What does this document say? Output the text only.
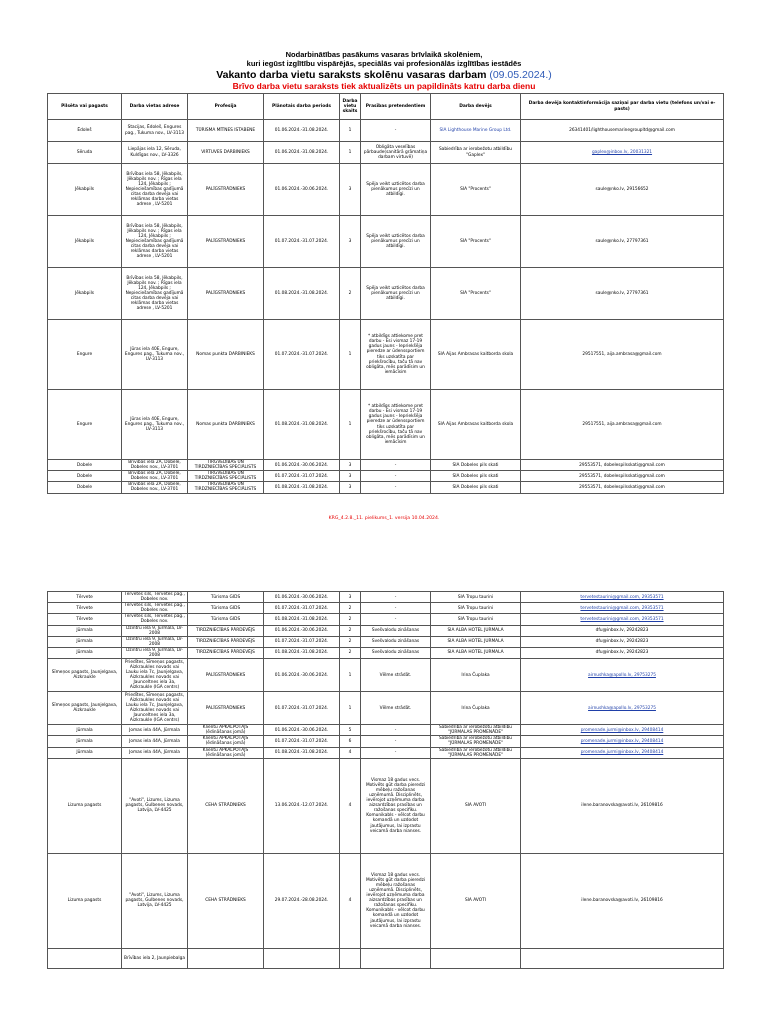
Nodarbinātības pasākums vasaras brīvlaikā skolēniem,
kuri iegūst izglītību vispārējās, speciālās vai profesionālās izglītības iestādēs
Vakanto darba vietu saraksts skolēnu vasaras darbam (09.05.2024.)
Brīvo darba vietu saraksts tiek aktualizēts un papildināts katru darba dienu
Pilsēta vai pagasts	Darba vietas adrese	Profesija	Plānotais darba periods	Darba vietu skaits	Prasības pretendentiem	Darba devējs	Darba devēja kontaktinformācija saziņai par darba vietu (telefons un/vai e-pasts)
Ēdoleš	Stacijas, Ēdoleš, Engures pag., Tukuma nov., LV-3113	TŪRISMA MĪTNES ISTABENE	01.06.2024.-31.08.2024.	1	-	SIA Lighthouse Marine Group Ltd.	26341401/lighthousemarinegroupltd@gmail.com
Sēruda	Liepājas iela 12, Sēruda, Kuldīgas nov., LV-3326	VIRTUVES DARBINIEKS	01.06.2024.-31.08.2024.	1	Obligāta veselības pārbaude(sanitārā grāmatiņa darbam virtuvē)	Sabiedrība ar ierobežotu atbildību "Gaplex"	gaplex@inbox.lv, 20031321
Jēkabpils	Brīvības iela 58, Jēkabpils, Jēkabpils nov. ; Rīgas iela 124, Jēkabpils ; Nepieciešamības gadījumā citas darba devēja vai reklāmas darba vietas adrese , LV-5201	PALĪGSTRĀDNIEKS	01.06.2024.-30.06.2024.	3	Spēja veikt uzticētos darba pienākumus precīzi un atbildīgi.	SIA "Procents"	saule@nko.lv, 29156652
Jēkabpils	Brīvības iela 58, Jēkabpils, Jēkabpils nov. ; Rīgas iela 124, Jēkabpils ; Nepieciešamības gadījumā citas darba devēja vai reklāmas darba vietas adrese , LV-5201	PALĪGSTRĀDNIEKS	01.07.2024.-31.07.2024.	3	Spēja veikt uzticētos darba pienākumus precīzi un atbildīgi.	SIA "Procents"	saule@nko.lv, 27797361
Jēkabpils	Brīvības iela 58, Jēkabpils, Jēkabpils nov. ; Rīgas iela 124, Jēkabpils ; Nepieciešamības gadījumā citas darba devēja vai reklāmas darba vietas adrese , LV-5201	PALĪGSTRĀDNIEKS	01.08.2024.-31.08.2024.	2	Spēja veikt uzticētos darba pienākumus precīzi un atbildīgi.	SIA "Procents"	saule@nko.lv, 27797361
Engure	Jūras iela 40E, Engure, Engures pag., Tukuma nov., LV-3113	Nomas punkta DARBINIEKS	01.07.2024.-31.07.2024.	1	* atbildīgs attiekome pret darbu - Esi vismaz 17-19 gadus jauns - Iepriekšēja pieredze ar ūdenssportiem tiks uzskatīta par priekšrocību, taču tā nav obligāta, mēs parādīsim un iemācīsim	SIA Aijas Ambrasas kaitborda skola	29517551, aija.ambrasa@gmail.com
Engure	Jūras iela 40E, Engure, Engures pag., Tukuma nov., LV-3113	Nomas punkta DARBINIEKS	01.08.2024.-31.08.2024.	1	* atbildīgs attiekome pret darbu - Esi vismaz 17-19 gadus jauns - Iepriekšēja pieredze ar ūdenssportiem tiks uzskatīta par priekšrocību, taču tā nav obligāta, mēs parādīsim un iemācīsim	SIA Aijas Ambrasas kaitborda skola	29517551, aija.ambrasa@gmail.com
Dobele	Brīvības iela 2A, Dobele, Dobeles nov., LV-3701	TIRGVEDĪBAS UN TIRDZNIECĪBAS SPECIĀLISTS	01.06.2024.-30.06.2024.	3	-	SIA Dobeles pils skati	29553571, dobelespilsskati@gmail.com
Dobele	Brīvības iela 2A, Dobele, Dobeles nov., LV-3701	TIRGVEDĪBAS UN TIRDZNIECĪBAS SPECIĀLISTS	01.07.2024.-31.07.2024.	3	-	SIA Dobeles pils skati	29553571, dobelespilsskati@gmail.com
Dobele	Brīvības iela 2A, Dobele, Dobeles nov., LV-3701	TIRGVEDĪBAS UN TIRDZNIECĪBAS SPECIĀLISTS	01.08.2024.-31.08.2024.	3	-	SIA Dobeles pils skati	29553571, dobelespilsskati@gmail.com
KRG_4.2.8._11. pielikums_1. versija 10.04.2024.
Tērvete	Tērvetes sils, Tērvetes pag., Dobeles nov.	Tūrisma GIDS	01.06.2024.-30.06.2024.	3	-	SIA Tropu taurini	tervetestaurini@gmail.com, 29353571
Tērvete	Tērvetes sils, Tērvetes pag., Dobeles nov.	Tūrisma GIDS	01.07.2024.-31.07.2024.	2	-	SIA Tropu taurini	tervetestaurini@gmail.com, 29353571
Tērvete	Tērvetes sils, Tērvetes pag., Dobeles nov.	Tūrisma GIDS	01.08.2024.-31.08.2024.	2	-	SIA Tropu taurini	tervetestaurini@gmail.com, 29353571
Jūrmala	Dzintru iela 9, Jūrmala, LV-2008	TIRDZNIECĪBAS PĀRDEVĒJS	01.06.2024.-30.06.2024.	2	Svešvalodu zināšanas	SIA ALBA HOTEL JURMALA	dfu@inbox.lv, 29242823
Jūrmala	Dzintru iela 9, Jūrmala, LV-2008	TIRDZNIECĪBAS PĀRDEVĒJS	01.07.2024.-31.07.2024.	2	Svešvalodu zināšanas	SIA ALBA HOTEL JURMALA	dfu@inbox.lv, 29242823
Jūrmala	Dzintru iela 9, Jūrmala, LV-2008	TIRDZNIECĪBAS PĀRDEVĒJS	01.08.2024.-31.08.2024.	2	Svešvalodu zināšanas	SIA ALBA HOTEL JURMALA	dfu@inbox.lv, 29242823
Sīmeņos pagasts, Jaunjelgava, Aizkraukle	Priedītes, Sīmeņos pagasts, Aizkraukles novads vai Lauku iela 7c, Jaunjelgava, Aizkraukles novads vai Jaunceltnes iela 3a, Aizkraukle (IGA centrs)	PALĪGSTRĀDNIEKS	01.06.2024.-30.06.2024.	1	Vēlme strādāt.	Irina Čuplaka	airnushka@apollo.lv, 29753275
Sīmeņos pagasts, Jaunjelgava, Aizkraukle	Priedītes, Sīmeņos pagasts, Aizkraukles novads vai Lauku iela 7c, Jaunjelgava, Aizkraukles novads vai Jaunceltnes iela 3a, Aizkraukle (IGA centrs)	PALĪGSTRĀDNIEKS	01.07.2024.-31.07.2024.	1	Vēlme strādāt.	Irina Čuplaka	airnushka@apollo.lv, 29753275
Jūrmala	Jomas iela 44A, Jūrmala	Klientu APKALPOTĀJS (ēdināšanas jomā)	01.06.2024.-30.06.2024.	5	-	Sabiedrība ar ierobežotu atbildību "JŪRMALAS PROMENĀDE"	promenade.jurmi@inbox.lv, 29408414
Jūrmala	Jomas iela 44A, Jūrmala	Klientu APKALPOTĀJS (ēdināšanas jomā)	01.07.2024.-31.07.2024.	6	-	Sabiedrība ar ierobežotu atbildību "JŪRMALAS PROMENĀDE"	promenade.jurmi@inbox.lv, 29408414
Jūrmala	Jomas iela 44A, Jūrmala	Klientu APKALPOTĀJS (ēdināšanas jomā)	01.08.2024.-31.08.2024.	4	-	Sabiedrība ar ierobežotu atbildību "JŪRMALAS PROMENĀDE"	promenade.jurmi@inbox.lv, 29408414
Lizuma pagasts	"Avoti", Lizums, Lizuma pagasts, Gulbenes novads, Latvija, LV-4425	CEHA STRĀDNIEKS	13.06.2024.-12.07.2024.	4	Vismaz 18 gadus vecs. Motivēts gūt darba pieredzi mēbeļu ražošanas uzņēmumā. Disciplinēts, ievērojot uzņēmuma darba aizsardzības prasības un ražošanas specifiku. Komunikabls - vēlcot darbu komandā un uzdodot jautājumus, lai izprastu veicamā darba nianses.	SIA AVOTI	ilene.baranovska@avoti.lv, 26109816
Lizuma pagasts	"Avoti", Lizums, Lizuma pagasts, Gulbenes novads, Latvija, LV-4425	CEHA STRĀDNIEKS	29.07.2024.-28.08.2024.	4	Vismaz 18 gadus vecs. Motivēts gūt darba pieredzi mēbeļu ražošanas uzņēmumā. Disciplinēts, ievērojot uzņēmuma darba aizsardzības prasības un ražošanas specifiku. Komunikabls - vēlcot darbu komandā un uzdodot jautājumus, lai izprastu veicamā darba nianses.	SIA AVOTI	ilene.baranovska@avoti.lv, 26109816
	Brīvības iela 2, Jaunpiebalga						
